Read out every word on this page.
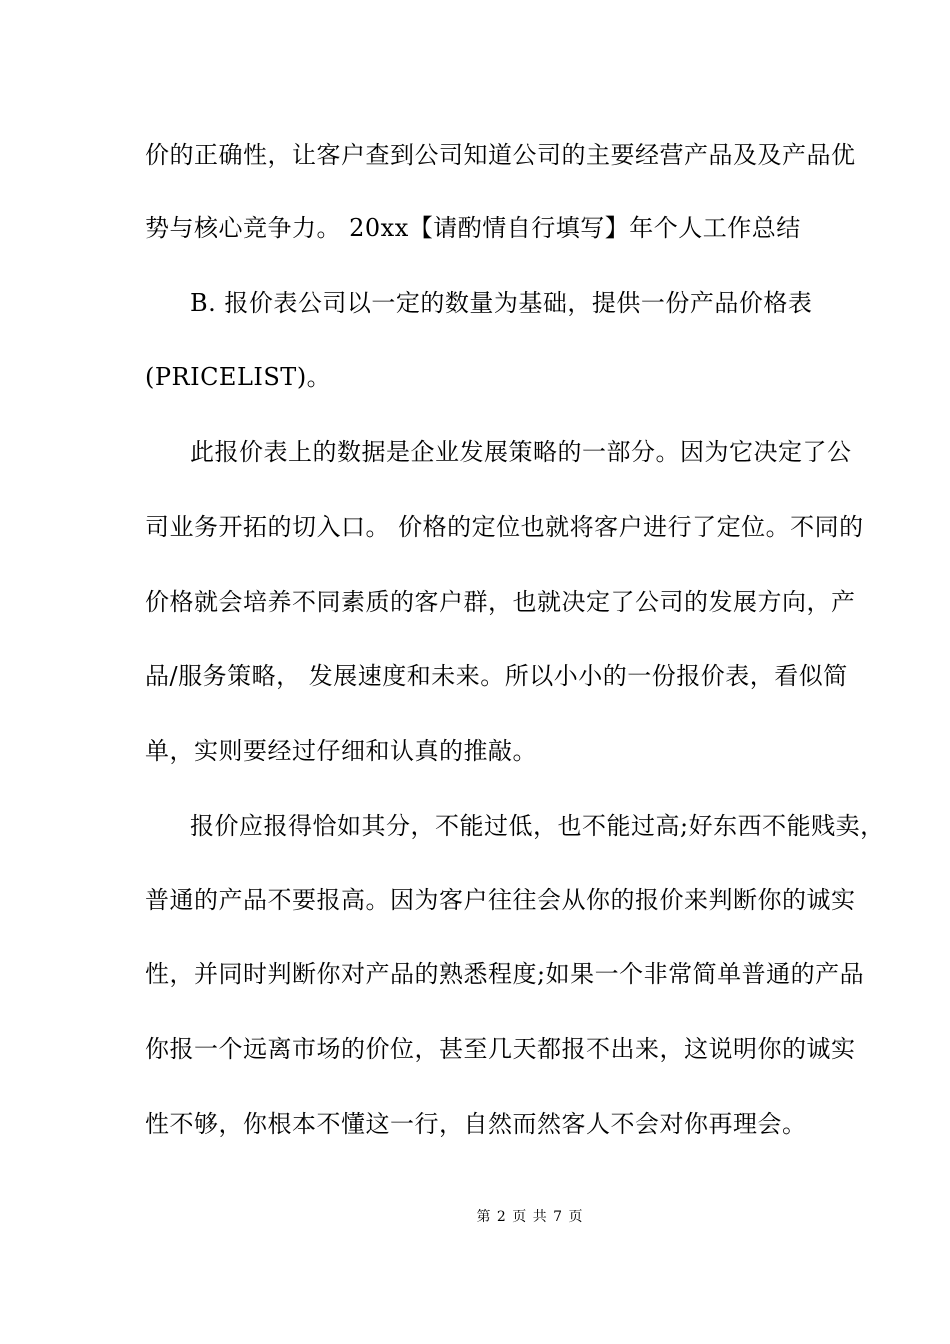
价的正确性，让客户查到公司知道公司的主要经营产品及及产品优
势与核心竞争力。 20xx【请酌情自行填写】年个人工作总结
B. 报价表公司以一定的数量为基础，提供一份产品价格表
(PRICELIST)。
此报价表上的数据是企业发展策略的一部分。因为它决定了公
司业务开拓的切入口。 价格的定位也就将客户进行了定位。不同的
价格就会培养不同素质的客户群，也就决定了公司的发展方向，产
品/服务策略， 发展速度和未来。所以小小的一份报价表，看似简
单，实则要经过仔细和认真的推敲。
报价应报得恰如其分，不能过低，也不能过高;好东西不能贱卖，
普通的产品不要报高。因为客户往往会从你的报价来判断你的诚实
性，并同时判断你对产品的熟悉程度;如果一个非常简单普通的产品
你报一个远离市场的价位，甚至几天都报不出来，这说明你的诚实
性不够，你根本不懂这一行，自然而然客人不会对你再理会。
第 2 页 共 7 页
